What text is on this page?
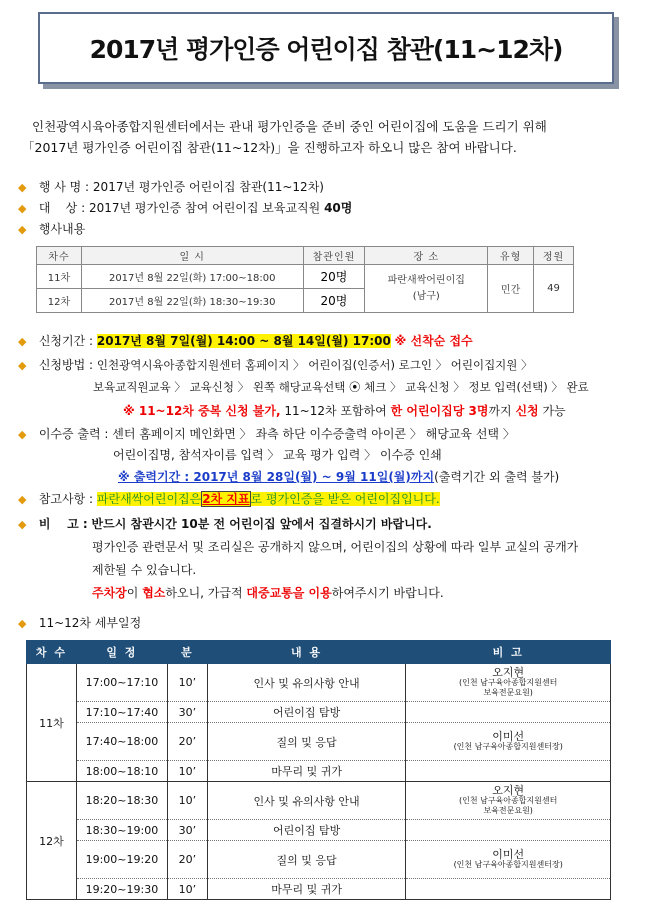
2017년 평가인증 어린이집 참관(11~12차)

인천광역시육아종합지원센터에서는 관내 평가인증을 준비 중인 어린이집에 도움을 드리기 위해

「2017년 평가인증 어린이집 참관(11~12차)」을 진행하고자 하오니 많은 참여 바랍니다.

◆ 행 사 명 : 2017년 평가인증 어린이집 참관(11~12차)
◆ 대    상 : 2017년 평가인증 참여 어린이집 보육교직원 40명
◆ 행사내용
차수	일 시	참관인원	장 소	유형	정원
11차	2017년 8월 22일(화) 17:00~18:00	20명	파란새싹어린이집
(남구)	민간	49
12차	2017년 8월 22일(화) 18:30~19:30	20명			
◆ 신청기간 : 2017년 8월 7일(월) 14:00 ~ 8월 14일(월) 17:00 ※ 선착순 접수
◆ 신청방법 : 인천광역시육아종합지원센터 홈페이지 〉 어린이집(인증서) 로그인 〉 어린이집지원 〉
보육교직원교육 〉 교육신청 〉 왼쪽 해당교육선택 ⦿ 체크 〉 교육신청 〉 정보 입력(선택) 〉 완료
※ 11~12차 중복 신청 불가, 11~12차 포함하여 한 어린이집당 3명까지 신청 가능
◆ 이수증 출력 : 센터 홈페이지 메인화면 〉 좌측 하단 이수증출력 아이콘 〉 해당교육 선택 〉
어린이집명, 참석자이름 입력 〉 교육 평가 입력 〉 이수증 인쇄
※ 출력기간 : 2017년 8월 28일(월) ~ 9월 11일(월)까지(출력기간 외 출력 불가)
◆ 참고사항 : 파란새싹어린이집은2차 지표로 평가인증을 받은 어린이집입니다.
◆ 비    고 : 반드시 참관시간 10분 전 어린이집 앞에서 집결하시기 바랍니다.
평가인증 관련문서 및 조리실은 공개하지 않으며, 어린이집의 상황에 따라 일부 교실의 공개가
제한될 수 있습니다.
주차장이 협소하오니, 가급적 대중교통을 이용하여주시기 바랍니다.
◆ 11~12차 세부일정
차 수	일 정	분	내 용	비 고
11차	17:00~17:10	10’	인사 및 유의사항 안내	오지현
(인천 남구육아종합지원센터
보육전문요원)

	17:10~17:40	30’	어린이집 탐방	
	17:40~18:00	20’	질의 및 응답	이미선
(인천 남구육아종합지원센터장)

	18:00~18:10	10’	마무리 및 귀가	
12차	18:20~18:30	10’	인사 및 유의사항 안내	오지현
(인천 남구육아종합지원센터
보육전문요원)

	18:30~19:00	30’	어린이집 탐방	
	19:00~19:20	20’	질의 및 응답	이미선
(인천 남구육아종합지원센터장)

	19:20~19:30	10’	마무리 및 귀가	
